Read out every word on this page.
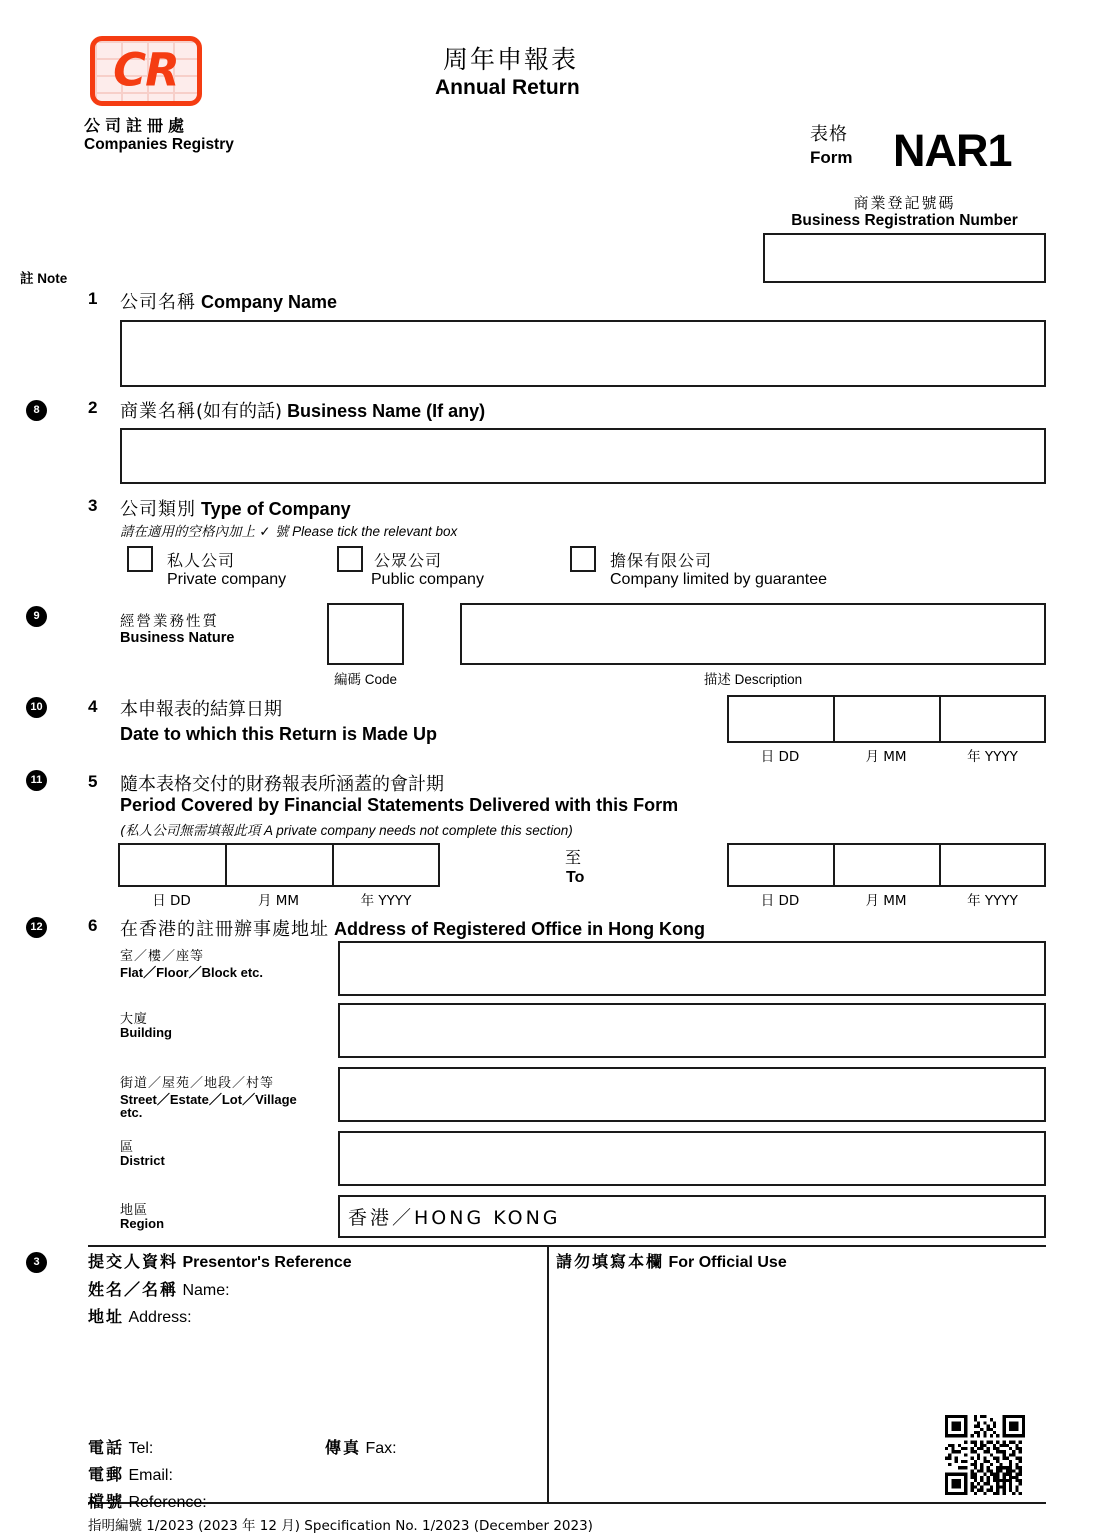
CR
公司註冊處
Companies Registry
周年申報表
Annual Return
表格
Form NAR1
商業登記號碼
Business Registration Number
註 Note
8
9
10
11
12
3
1 公司名稱 Company Name
2 商業名稱(如有的話) Business Name (If any)
3 公司類別 Type of Company
請在適用的空格內加上 ✓ 號 Please tick the relevant box
私人公司
Private company
公眾公司
Public company
擔保有限公司
Company limited by guarantee
經營業務性質
Business Nature
編碼 Code	描述 Description
4 本申報表的結算日期
Date to which this Return is Made Up
日 DD	月 MM	年 YYYY
5 隨本表格交付的財務報表所涵蓋的會計期
Period Covered by Financial Statements Delivered with this Form
(私人公司無需填報此項 A private company needs not complete this section)
日 DD	月 MM	年 YYYY
至
To
日 DD	月 MM	年 YYYY
6 在香港的註冊辦事處地址 Address of Registered Office in Hong Kong
室／樓／座等
Flat／Floor／Block etc.
大廈
Building
街道／屋苑／地段／村等
Street／Estate／Lot／Village
etc.
區
District
地區
Region	香港／HONG KONG
提交人資料 Presentor's Reference
姓名／名稱 Name:
地址 Address:
電話 Tel:	傳真 Fax:
電郵 Email:
檔號 Reference:
請勿填寫本欄 For Official Use
指明編號 1/2023 (2023 年 12 月) Specification No. 1/2023 (December 2023)
